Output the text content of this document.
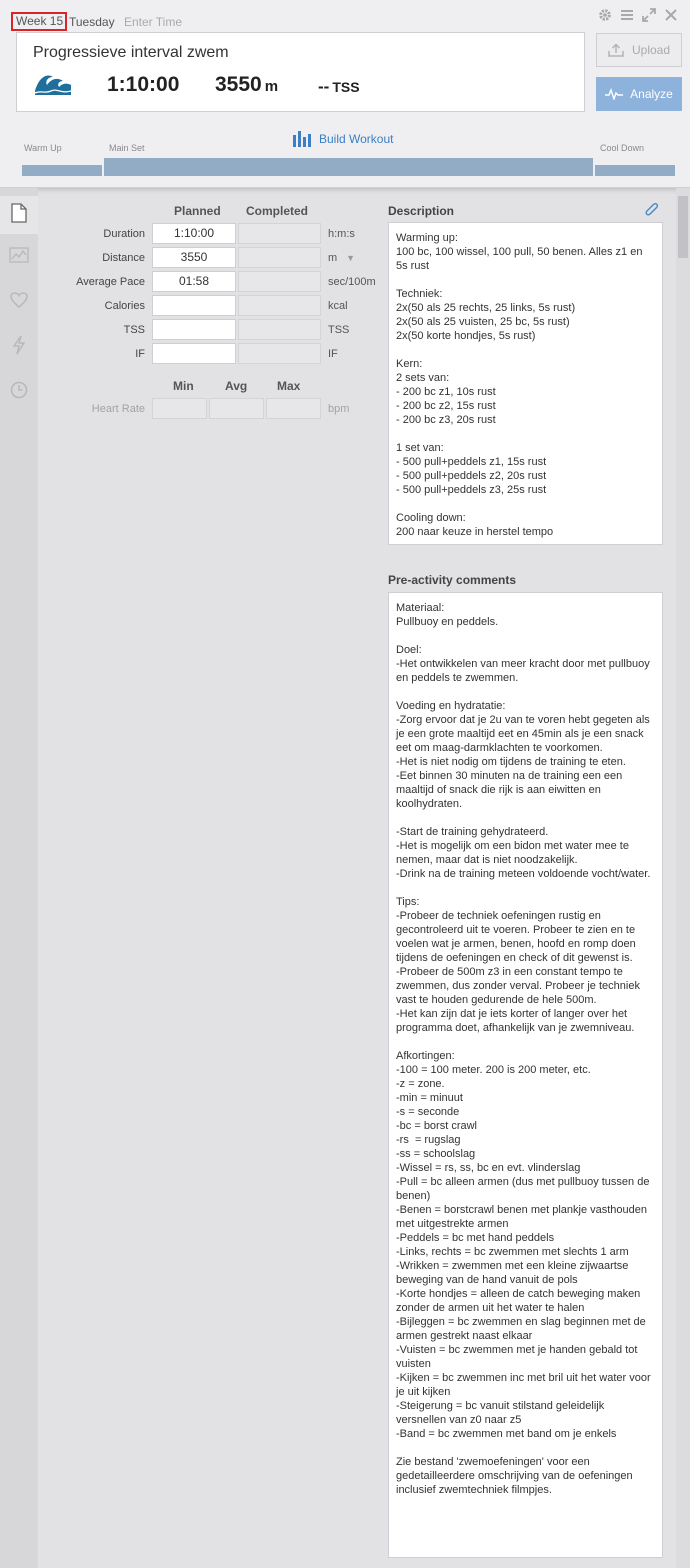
Week 15 Tuesday Enter Time
Progressieve interval zwem
1:10:00 3550 m -- TSS
Upload
Analyze
Warm Up	Main Set	Cool Down
Build Workout
Planned Completed
Duration	1:10:00	h:m:s
Distance	3550	m ▼
Average Pace	01:58	sec/100m
Calories	kcal
TSS	TSS
IF	IF
Min	Avg Max
Heart Rate	bpm
Description
Warming up:
100 bc, 100 wissel, 100 pull, 50 benen. Alles z1 en 5s rust

Techniek:
2x(50 als 25 rechts, 25 links, 5s rust)
2x(50 als 25 vuisten, 25 bc, 5s rust)
2x(50 korte hondjes, 5s rust)

Kern:
2 sets van:
- 200 bc z1, 10s rust
- 200 bc z2, 15s rust
- 200 bc z3, 20s rust

1 set van:
- 500 pull+peddels z1, 15s rust
- 500 pull+peddels z2, 20s rust
- 500 pull+peddels z3, 25s rust

Cooling down:
200 naar keuze in herstel tempo
Pre-activity comments
Materiaal:
Pullbuoy en peddels.

Doel:
-Het ontwikkelen van meer kracht door met pullbuoy en peddels te zwemmen.

Voeding en hydratatie:
-Zorg ervoor dat je 2u van te voren hebt gegeten als je een grote maaltijd eet en 45min als je een snack eet om maag-darmklachten te voorkomen.
-Het is niet nodig om tijdens de training te eten.
-Eet binnen 30 minuten na de training een een maaltijd of snack die rijk is aan eiwitten en koolhydraten.

-Start de training gehydrateerd.
-Het is mogelijk om een bidon met water mee te nemen, maar dat is niet noodzakelijk.
-Drink na de training meteen voldoende vocht/water.

Tips:
-Probeer de techniek oefeningen rustig en gecontroleerd uit te voeren. Probeer te zien en te voelen wat je armen, benen, hoofd en romp doen tijdens de oefeningen en check of dit gewenst is.
-Probeer de 500m z3 in een constant tempo te zwemmen, dus zonder verval. Probeer je techniek vast te houden gedurende de hele 500m.
-Het kan zijn dat je iets korter of langer over het programma doet, afhankelijk van je zwemniveau.

Afkortingen:
-100 = 100 meter. 200 is 200 meter, etc.
-z = zone.
-min = minuut
-s = seconde
-bc = borst crawl
-rs  = rugslag
-ss = schoolslag
-Wissel = rs, ss, bc en evt. vlinderslag
-Pull = bc alleen armen (dus met pullbuoy tussen de benen)
-Benen = borstcrawl benen met plankje vasthouden met uitgestrekte armen
-Peddels = bc met hand peddels
-Links, rechts = bc zwemmen met slechts 1 arm
-Wrikken = zwemmen met een kleine zijwaartse beweging van de hand vanuit de pols
-Korte hondjes = alleen de catch beweging maken zonder de armen uit het water te halen
-Bijleggen = bc zwemmen en slag beginnen met de armen gestrekt naast elkaar
-Vuisten = bc zwemmen met je handen gebald tot vuisten
-Kijken = bc zwemmen inc met bril uit het water voor je uit kijken
-Steigerung = bc vanuit stilstand geleidelijk versnellen van z0 naar z5
-Band = bc zwemmen met band om je enkels

Zie bestand 'zwemoefeningen' voor een gedetailleerdere omschrijving van de oefeningen inclusief zwemtechniek filmpjes.
